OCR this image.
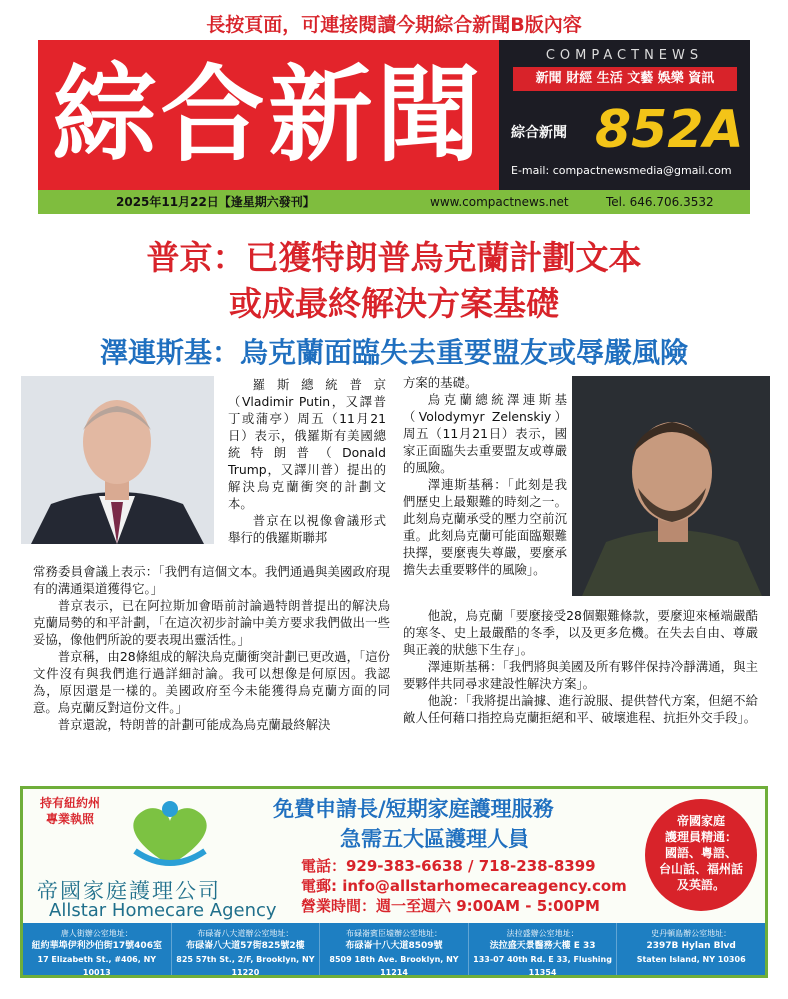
長按頁面，可連接閱讀今期綜合新聞B版內容
綜合新聞	COMPACTNEWS
新聞 財經 生活 文藝 娛樂 資訊
綜合新聞 852A
E-mail: compactnewsmedia@gmail.com
2025年11月22日【逢星期六發刊】	www.compactnews.net	Tel. 646.706.3532
普京：已獲特朗普烏克蘭計劃文本
或成最終解決方案基礎
澤連斯基：烏克蘭面臨失去重要盟友或辱嚴風險

羅斯總統普京（Vladimir Putin，又譯普丁或蒲亭）周五（11月21日）表示，俄羅斯有美國總統特朗普（Donald Trump，又譯川普）提出的解決烏克蘭衝突的計劃文本。

普京在以視像會議形式舉行的俄羅斯聯邦

常務委員會議上表示：「我們有這個文本。我們通過與美國政府現有的溝通渠道獲得它。」

普京表示，已在阿拉斯加會晤前討論過特朗普提出的解決烏克蘭局勢的和平計劃，「在這次初步討論中美方要求我們做出一些妥協，像他們所說的要表現出靈活性。」

普京稱，由28條組成的解決烏克蘭衝突計劃已更改過，「這份文件沒有與我們進行過詳細討論。我可以想像是何原因。我認為，原因還是一樣的。美國政府至今未能獲得烏克蘭方面的同意。烏克蘭反對這份文件。」

普京還說，特朗普的計劃可能成為烏克蘭最終解決

方案的基礎。

烏克蘭總統澤連斯基（Volodymyr Zelenskiy）周五（11月21日）表示，國家正面臨失去重要盟友或尊嚴的風險。

澤連斯基稱：「此刻是我們歷史上最艱難的時刻之一。此刻烏克蘭承受的壓力空前沉重。此刻烏克蘭可能面臨艱難抉擇，要麼喪失尊嚴，要麼承擔失去重要夥伴的風險」。

他說，烏克蘭「要麼接受28個艱難條款，要麼迎來極端嚴酷的寒冬、史上最嚴酷的冬季，以及更多危機。在失去自由、尊嚴與正義的狀態下生存」。

澤連斯基稱：「我們將與美國及所有夥伴保持冷靜溝通，與主要夥伴共同尋求建設性解決方案」。

他說：「我將提出論據、進行說服、提供替代方案，但絕不給敵人任何藉口指控烏克蘭拒絕和平、破壞進程、抗拒外交手段」。

持有紐約州專業執照
帝國家庭護理公司
Allstar Homecare Agency
免費申請長/短期家庭護理服務
急需五大區護理人員
電話：929-383-6638 / 718-238-8399
電郵: info@allstarhomecareagency.com
營業時間：週一至週六 9:00AM - 5:00PM
帝國家庭
護理員精通：
國語、粵語、
台山話、福州話
及英語。
唐人街辦公室地址：
紐約華埠伊利沙伯街17號406室
17 Elizabeth St., #406, NY 10013
布碌崙八大道辦公室地址：
布碌崙八大道57街825號2樓
825 57th St., 2/F, Brooklyn, NY 11220
布碌崙賓臣墟辦公室地址：
布碌崙十八大道8509號
8509 18th Ave. Brooklyn, NY 11214
法拉盛辦公室地址：
法拉盛天景醫務大樓 E 33
133-07 40th Rd. E 33, Flushing 11354
史丹頓島辦公室地址：
2397B Hylan Blvd
Staten Island, NY 10306
